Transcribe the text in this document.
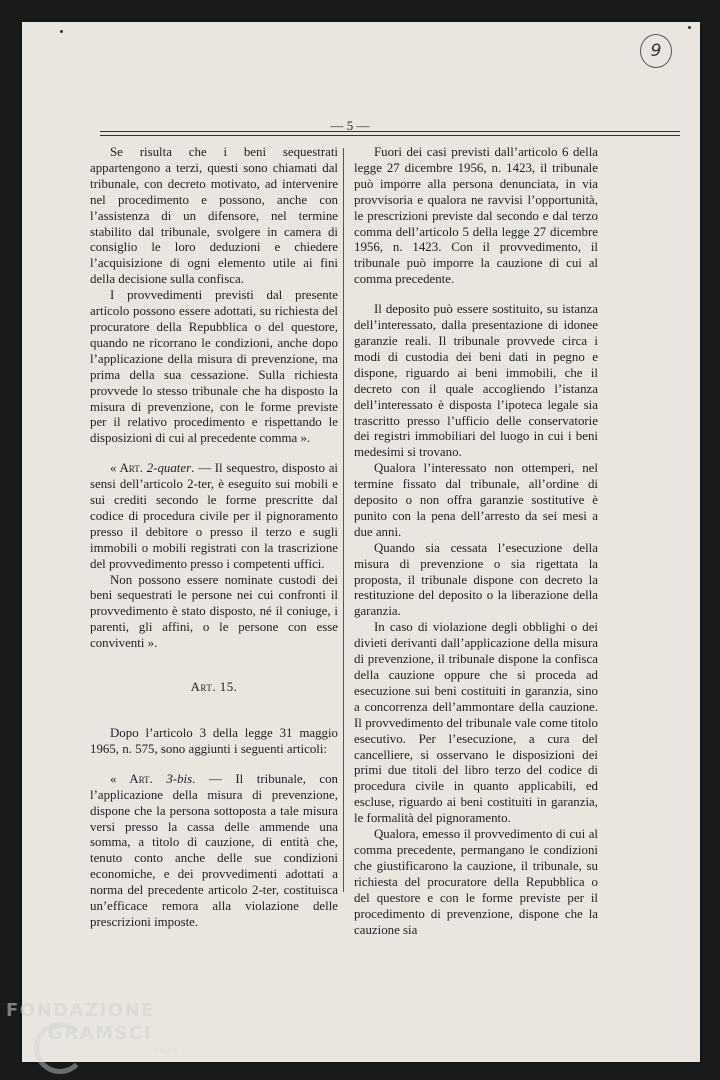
9
— 5 —

Se risulta che i beni sequestrati appartengono a terzi, questi sono chiamati dal tribunale, con decreto motivato, ad intervenire nel procedimento e possono, anche con l’assistenza di un difensore, nel termine stabilito dal tribunale, svolgere in camera di consiglio le loro deduzioni e chiedere l’acquisizione di ogni elemento utile ai fini della decisione sulla confisca.

I provvedimenti previsti dal presente articolo possono essere adottati, su richiesta del procuratore della Repubblica o del questore, quando ne ricorrano le condizioni, anche dopo l’applicazione della misura di prevenzione, ma prima della sua cessazione. Sulla richiesta provvede lo stesso tribunale che ha disposto la misura di prevenzione, con le forme previste per il relativo procedimento e rispettando le disposizioni di cui al precedente comma ».

« Art. 2-quater. — Il sequestro, disposto ai sensi dell’articolo 2-ter, è eseguito sui mobili e sui crediti secondo le forme prescritte dal codice di procedura civile per il pignoramento presso il debitore o presso il terzo e sugli immobili o mobili registrati con la trascrizione del provvedimento presso i competenti uffici.

Non possono essere nominate custodi dei beni sequestrati le persone nei cui confronti il provvedimento è stato disposto, né il coniuge, i parenti, gli affini, o le persone con esse conviventi ».

Art. 15.

Dopo l’articolo 3 della legge 31 maggio 1965, n. 575, sono aggiunti i seguenti articoli:

« Art. 3-bis. — Il tribunale, con l’applicazione della misura di prevenzione, dispone che la persona sottoposta a tale misura versi presso la cassa delle ammende una somma, a titolo di cauzione, di entità che, tenuto conto anche delle sue condizioni economiche, e dei provvedimenti adottati a norma del precedente articolo 2-ter, costituisca un’efficace remora alla violazione delle prescrizioni imposte.

Fuori dei casi previsti dall’articolo 6 della legge 27 dicembre 1956, n. 1423, il tribunale può imporre alla persona denunciata, in via provvisoria e qualora ne ravvisi l’opportunità, le prescrizioni previste dal secondo e dal terzo comma dell’articolo 5 della legge 27 dicembre 1956, n. 1423. Con il provvedimento, il tribunale può imporre la cauzione di cui al comma precedente.

Il deposito può essere sostituito, su istanza dell’interessato, dalla presentazione di idonee garanzie reali. Il tribunale provvede circa i modi di custodia dei beni dati in pegno e dispone, riguardo ai beni immobili, che il decreto con il quale accogliendo l’istanza dell’interessato è disposta l’ipoteca legale sia trascritto presso l’ufficio delle conservatorie dei registri immobiliari del luogo in cui i beni medesimi si trovano.

Qualora l’interessato non ottemperi, nel termine fissato dal tribunale, all’ordine di deposito o non offra garanzie sostitutive è punito con la pena dell’arresto da sei mesi a due anni.

Quando sia cessata l’esecuzione della misura di prevenzione o sia rigettata la proposta, il tribunale dispone con decreto la restituzione del deposito o la liberazione della garanzia.

In caso di violazione degli obblighi o dei divieti derivanti dall’applicazione della misura di prevenzione, il tribunale dispone la confisca della cauzione oppure che si proceda ad esecuzione sui beni costituiti in garanzia, sino a concorrenza dell’ammontare della cauzione. Il provvedimento del tribunale vale come titolo esecutivo. Per l’esecuzione, a cura del cancelliere, si osservano le disposizioni dei primi due titoli del libro terzo del codice di procedura civile in quanto applicabili, ed escluse, riguardo ai beni costituiti in garanzia, le formalità del pignoramento.

Qualora, emesso il provvedimento di cui al comma precedente, permangano le condizioni che giustificarono la cauzione, il tribunale, su richiesta del procuratore della Repubblica o del questore e con le forme previste per il procedimento di prevenzione, dispone che la cauzione sia

FONDAZIONE
GRAMSCI
onlus
